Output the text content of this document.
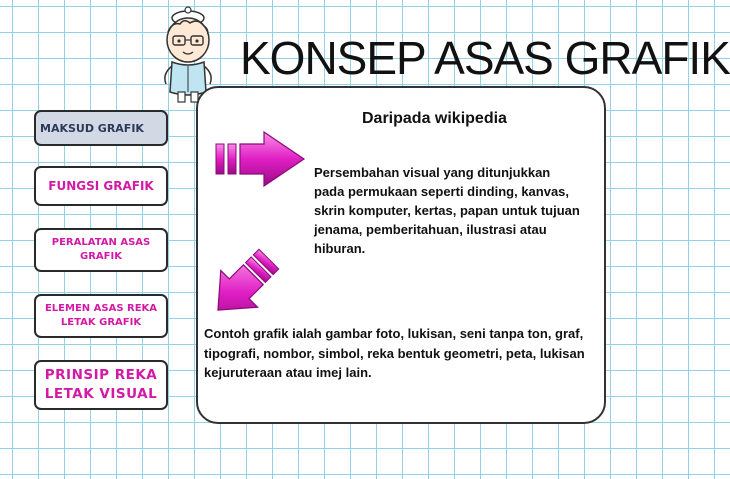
KONSEP ASAS GRAFIK
MAKSUD GRAFIK
FUNGSI GRAFIK
PERALATAN ASAS GRAFIK
ELEMEN ASAS REKA LETAK GRAFIK
PRINSIP REKA LETAK VISUAL
Daripada wikipedia
Persembahan visual yang ditunjukkan pada permukaan seperti dinding, kanvas, skrin komputer, kertas, papan untuk tujuan jenama, pemberitahuan, ilustrasi atau hiburan.
Contoh grafik ialah gambar foto, lukisan, seni tanpa ton, graf, tipografi, nombor, simbol, reka bentuk geometri, peta, lukisan kejuruteraan atau imej lain.
